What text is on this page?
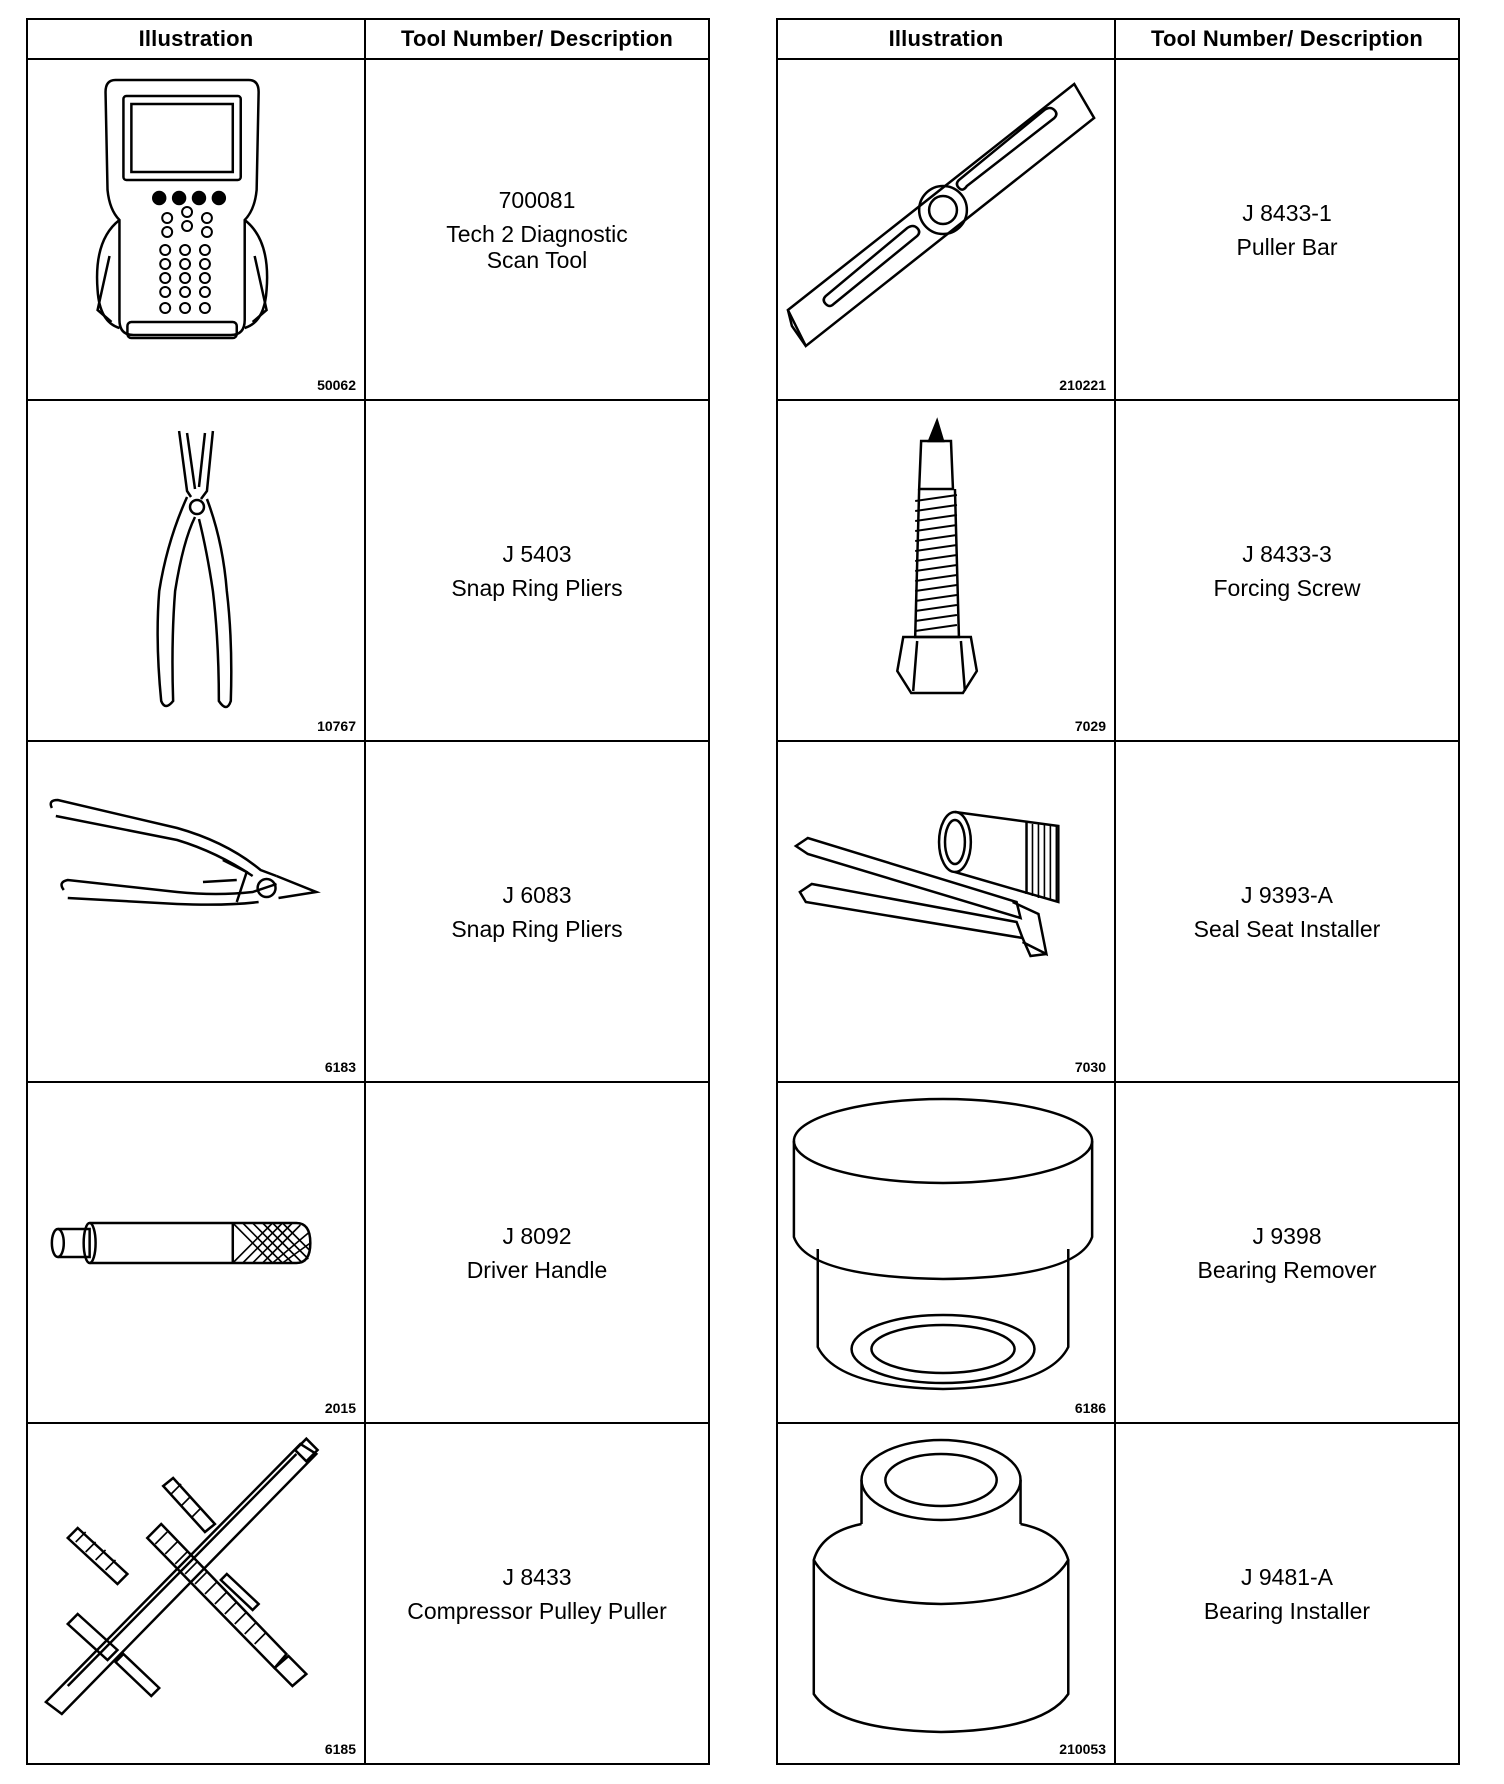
Illustration	Tool Number/ Description

50062	700081
Tech 2 Diagnostic
Scan Tool

10767	J 5403
Snap Ring Pliers

6183	J 6083
Snap Ring Pliers

2015	J 8092
Driver Handle

6185	J 8433
Compressor Pulley Puller
Illustration	Tool Number/ Description

210221	J 8433-1
Puller Bar

7029	J 8433-3
Forcing Screw

7030	J 9393-A
Seal Seat Installer

6186	J 9398
Bearing Remover

210053	J 9481-A
Bearing Installer
